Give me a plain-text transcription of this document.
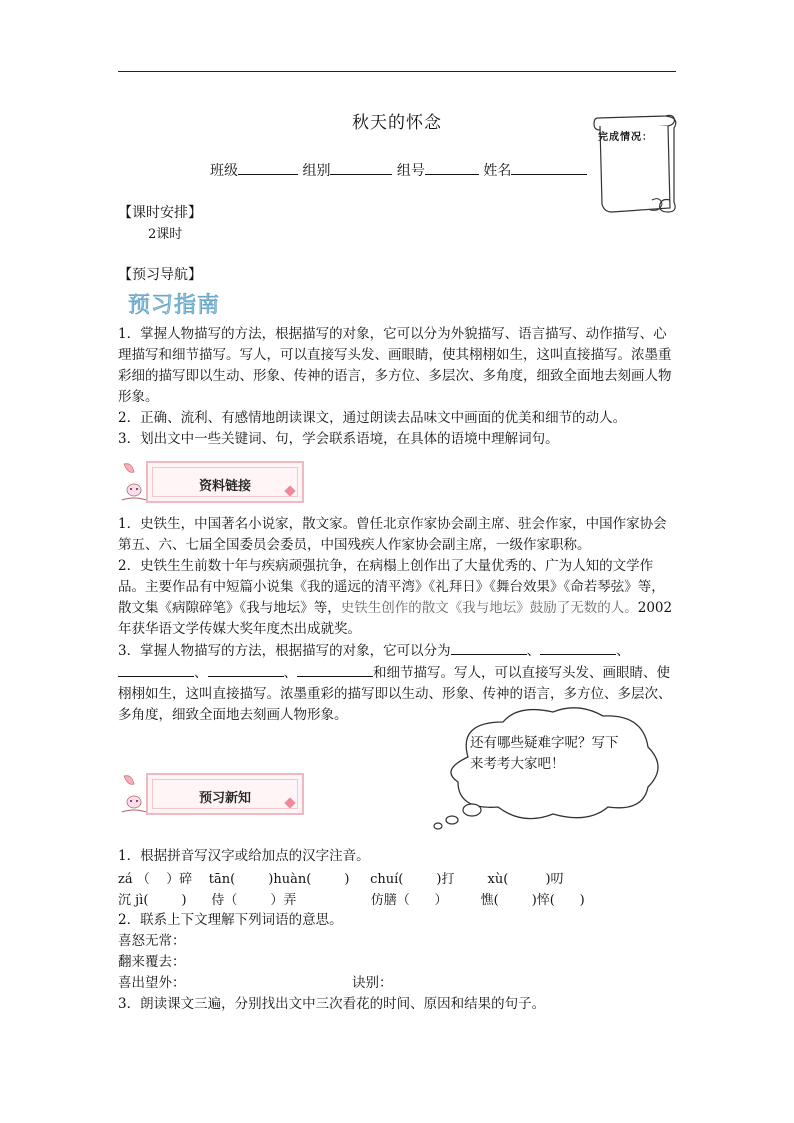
秋天的怀念
完成情况：
班级	组别	组号	姓名
【课时安排】
2课时
【预习导航】
预习指南

1．掌握人物描写的方法，根据描写的对象，它可以分为外貌描写、语言描写、动作描写、心理描写和细节描写。写人，可以直接写头发、画眼睛，使其栩栩如生，这叫直接描写。浓墨重彩细的描写即以生动、形象、传神的语言，多方位、多层次、多角度，细致全面地去刻画人物形象。

2．正确、流利、有感情地朗读课文，通过朗读去品味文中画面的优美和细节的动人。

3．划出文中一些关键词、句，学会联系语境，在具体的语境中理解词句。

资料链接

1．史铁生，中国著名小说家，散文家。曾任北京作家协会副主席、驻会作家，中国作家协会第五、六、七届全国委员会委员，中国残疾人作家协会副主席，一级作家职称。

2．史铁生生前数十年与疾病顽强抗争，在病榻上创作出了大量优秀的、广为人知的文学作品。主要作品有中短篇小说集《我的遥远的清平湾》《礼拜日》《舞台效果》《命若琴弦》等，散文集《病隙碎笔》《我与地坛》等，史铁生创作的散文《我与地坛》鼓励了无数的人。2002年获华语文学传媒大奖年度杰出成就奖。

3．掌握人物描写的方法，根据描写的对象，它可以分为	、	、、	、	和细节描写。写人，可以直接写头发、画眼睛、使栩栩如生，这叫直接描写。浓墨重彩的描写即以生动、形象、传神的语言，多方位、多层次、多角度，细致全面地去刻画人物形象。

还有哪些疑难字呢？写下来考考大家吧！
预习新知
1．根据拼音写汉字或给加点的汉字注音。
zá （    ）碎    tān(        )huàn(        )     chuí(        )打        xù(         )叨
沉 jì(        )      侍（        ）弄                  仿膳（      ）        憔(        )悴(      )
2．联系上下文理解下列词语的意思。
喜怒无常：
翻来覆去：
喜出望外：	诀别：
3．朗读课文三遍，分别找出文中三次看花的时间、原因和结果的句子。
